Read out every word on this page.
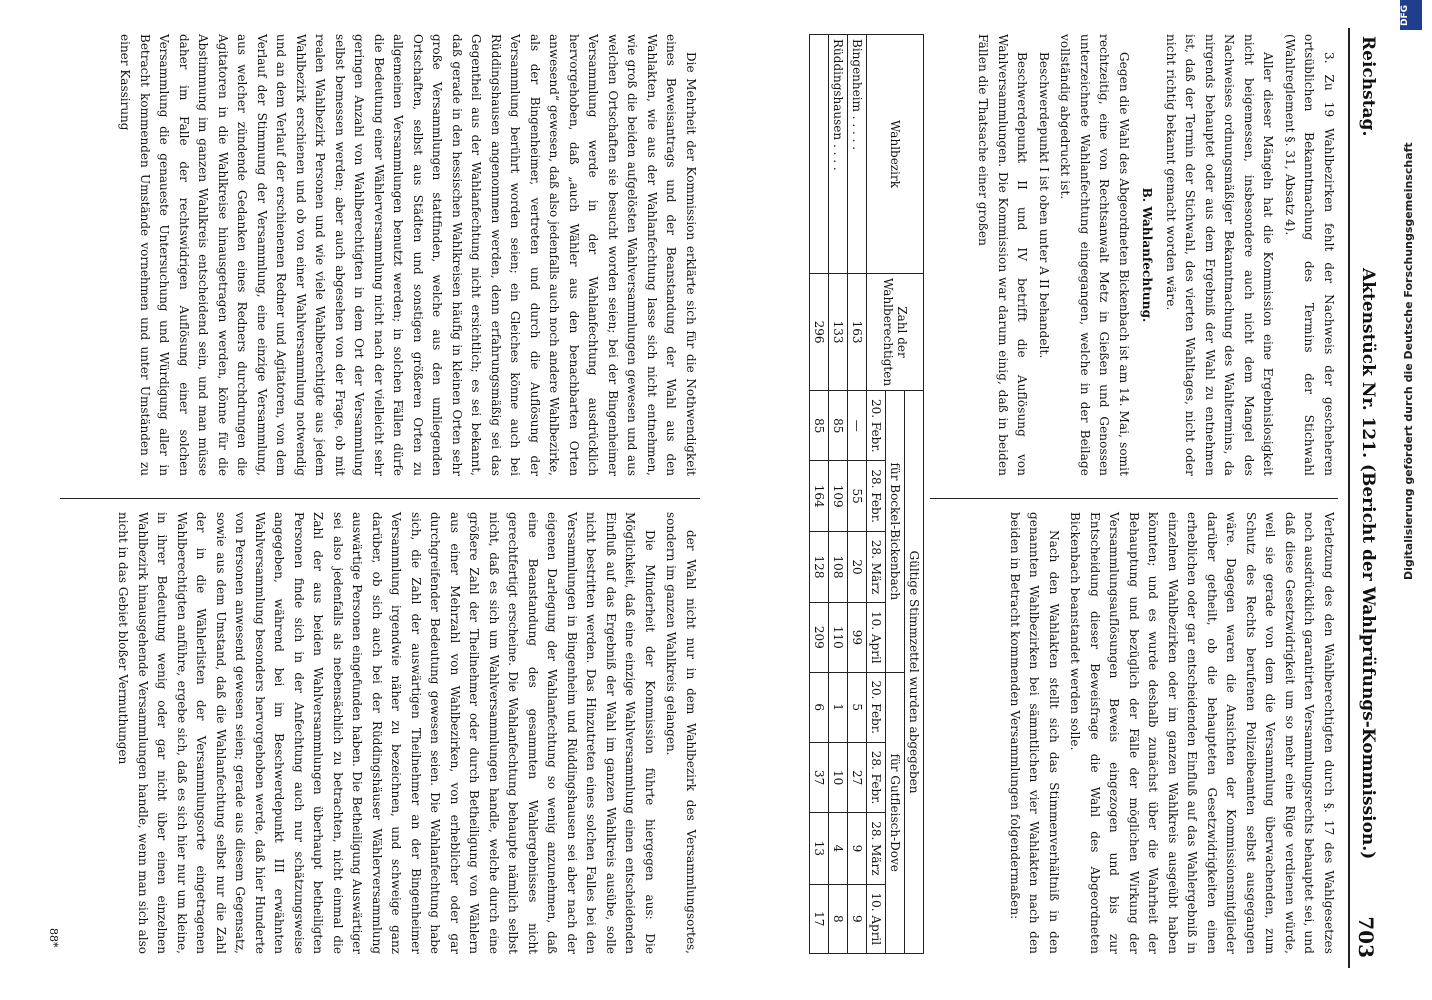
Reichstag.
Aktenstück Nr. 121. (Bericht der Wahlprüfungs-Kommission.)
703

3. Zu 19 Wahlbezirken fehlt der Nachweis der gescheheren ortsüblichen Bekanntmachung des Termins der Stichwahl (Wahlreglement §. 31, Absatz 4).

Aller dieser Mängeln hat die Kommission eine Ergebnislosigkeit nicht beigemessen, insbesondere auch nicht dem Mangel des Nachweises ordnungsmäßiger Bekanntmachung des Wahltermins, da nirgends behauptet oder aus dem Ergebniß der Wahl zu entnehmen ist, daß der Termin der Stichwahl, des vierten Wahltages, nicht oder nicht richtig bekannt gemacht worden wäre.

B. Wahlanfechtung.

Gegen die Wahl des Abgeordneten Bickenbach ist am 14. Mai, somit rechtzeitig, eine von Rechtsanwalt Metz in Gießen und Genossen unterzeichnete Wahlanfechtung eingegangen, welche in der Beilage vollständig abgedruckt ist.

Beschwerdepunkt I ist oben unter A II behandelt.

Beschwerdepunkt II und IV betrifft die Auflösung von Wahlversammlungen. Die Kommission war darum einig, daß in beiden Fällen die Thatsache einer großen

Verletzung des den Wahlberechtigten durch §. 17 des Wahlgesetzes noch ausdrücklich garantirten Versammlungsrechts behauptet sei, und daß diese Gesetzwidrigkeit um so mehr eine Rüge verdienen würde, weil sie gerade von dem die Versammlung überwachenden, zum Schutz des Rechts berufenen Polizeibeamten selbst ausgegangen wäre. Dagegen waren die Ansichten der Kommissionsmitglieder darüber getheilt, ob die behaupteten Gesetzwidrigkeiten einen erheblichen oder gar entscheidenden Einfluß auf das Wahlergebniß in einzelnen Wahlbezirken oder im ganzen Wahlkreis ausgeübt haben könnten; und es wurde deshalb zunächst über die Wahrheit der Behauptung und bezüglich der Fälle der möglichen Wirkung der Versammlungsauflösungen Beweis eingezogen und bis zur Entscheidung dieser Beweisfrage die Wahl des Abgeordneten Bickenbach beanstandet werden solle.

Nach den Wahlakten stellt sich das Stimmenverhältniß in den genannten Wahlbezirken bei sämmtlichen vier Wahlakten nach den beiden in Betracht kommenden Versammlungen folgendermaßen:

Wahlbezirk	Zahl der Wahlberechtigten	Gültige Stimmzettel wurden abgegeben							
		für Bockel-Bickenbach				für Gutfleisch-Dove			
		20. Febr.	28. Febr.	28. März	10. April	20. Febr.	28. Febr.	28. März	10. April
Bingenheim . . . . .	163	—	55	20	99	5	27	9	9
Rüddingshausen . . . .	133	85	109	108	110	1	10	4	8
	296	85	164	128	209	6	37	13	17

Die Mehrheit der Kommission erklärte sich für die Nothwendigkeit eines Beweisantrags und der Beanstandung der Wahl aus den Wahlakten, wie aus der Wahlanfechtung lasse sich nicht entnehmen, wie groß die beiden aufgelösten Wahlversammlungen gewesen und aus welchen Ortschaften sie besucht worden seien; bei der Bingenheimer Versammlung werde in der Wahlanfechtung ausdrücklich hervorgehoben, daß „auch Wähler aus den benachbarten Orten anwesend“ gewesen, daß also jedenfalls auch noch andere Wahlbezirke, als der Bingenheimer, vertreten und durch die Auflösung der Versammlung berührt worden seien; ein Gleiches könne auch bei Rüddingshausen angenommen werden, denn erfahrungsmäßig sei das Gegentheil aus der Wahlanfechtung nicht ersichtlich; es sei bekannt, daß gerade in den hessischen Wahlkreisen häufig in kleinen Orten sehr große Versammlungen stattfinden, welche aus den umliegenden Ortschaften, selbst aus Städten und sonstigen größeren Orten zu allgemeinen Versammlungen benutzt werden; in solchen Fällen dürfe die Bedeutung einer Wählerversammlung nicht nach der vielleicht sehr geringen Anzahl von Wahlberechtigten in dem Ort der Versammlung selbst bemessen werden; aber auch abgesehen von der Frage, ob mit realen Wahlbezirk Personen und wie viele Wahlberechtigte aus jedem Wahlbezirk erschienen und ob von einer Wahlversammlung notwendig und an dem Verlauf der erschienenen Redner und Agitatoren, von dem Verlauf der Stimmung der Versammlung, eine einzige Versammlung, aus welcher zündende Gedanken eines Redners durchdrungen die Agitatoren in die Wahlkreise hinausgetragen werden, könne für die Abstimmung im ganzen Wahlkreis entscheidend sein, und man müsse daher im Falle der rechtswidrigen Auflösung einer solchen Versammlung die genaueste Untersuchung und Würdigung aller in Betracht kommenden Umstände vornehmen und unter Umständen zu einer Kassirung

der Wahl nicht nur in dem Wahlbezirk des Versammlungsortes, sondern im ganzen Wahlkreis gelangen.

Die Minderheit der Kommission führte hiergegen aus: Die Möglichkeit, daß eine einzige Wahlversammlung einen entscheidenden Einfluß auf das Ergebniß der Wahl im ganzen Wahlkreis ausübe, solle nicht bestritten werden. Das Hinzutreten eines solchen Falles bei den Versammlungen in Bingenheim und Rüddingshausen sei aber nach der eigenen Darlegung der Wahlanfechtung so wenig anzunehmen, daß eine Beanstandung des gesammten Wahlergebnisses nicht gerechtfertigt erscheine. Die Wahlanfechtung behaupte nämlich selbst nicht, daß es sich um Wahlversammlungen handle, welche durch eine größere Zahl der Theilnehmer oder durch Betheiligung von Wählern aus einer Mehrzahl von Wahlbezirken, von erheblicher oder gar durchgreifender Bedeutung gewesen seien. Die Wahlanfechtung habe sich, die Zahl der auswärtigen Theilnehmer an der Bingenheimer Versammlung irgendwie näher zu bezeichnen, und schweige ganz darüber, ob sich auch bei der Rüddingshäuser Wählerversammlung auswärtige Personen eingefunden haben. Die Betheiligung Auswärtiger sei also jedenfalls als nebensächlich zu betrachten, nicht einmal die Zahl der aus beiden Wahlversammlungen überhaupt betheiligten Personen finde sich in der Anfechtung auch nur schätzungsweise angegeben, während bei im Beschwerdepunkt III erwähnten Wahlversammlung besonders hervorgehoben werde, daß hier Hunderte von Personen anwesend gewesen seien; gerade aus diesem Gegensatz, sowie aus dem Umstand, daß die Wahlanfechtung selbst nur die Zahl der in die Wählerlisten der Versammlungsorte eingetragenen Wahlberechtigten anführe, ergebe sich, daß es sich hier nur um kleine, in ihrer Bedeutung wenig oder gar nicht über einen einzelnen Wahlbezirk hinausgehende Versammlungen handle, wenn man sich also nicht in das Gebiet bloßer Vermuthungen

88*
DFG
Digitalisierung gefördert durch die Deutsche Forschungsgemeinschaft
